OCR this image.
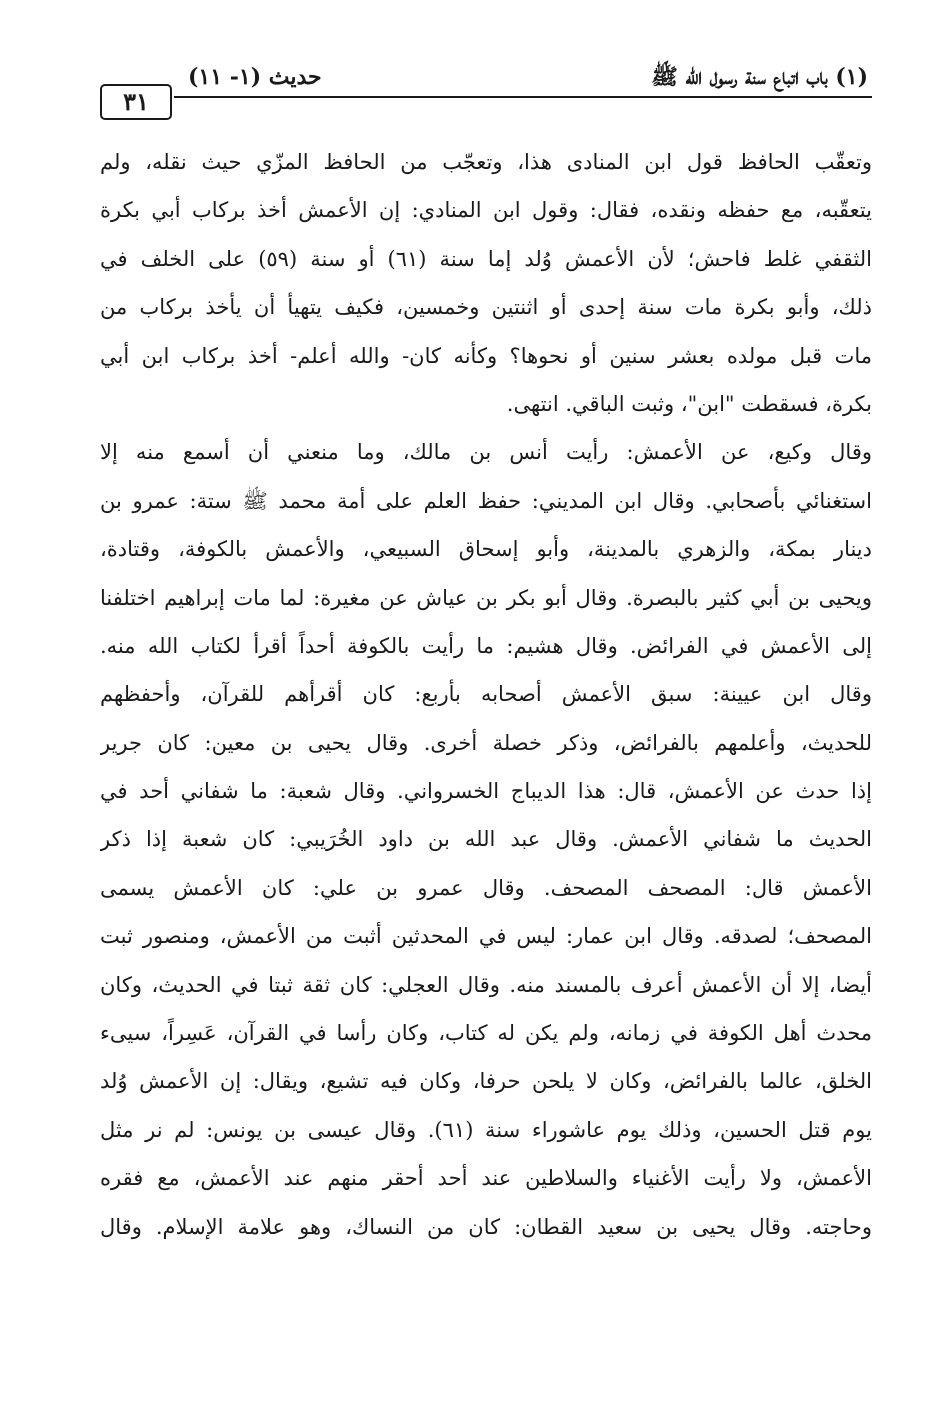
(١) باب اتباع سنة رسول الله ﷺ
حديث (١- ١١)
٣١
وتعقّب الحافظ قول ابن المنادى هذا، وتعجّب من الحافظ المزّي حيث نقله، ولم
يتعقّبه، مع حفظه ونقده، فقال: وقول ابن المنادي: إن الأعمش أخذ بركاب أبي بكرة
الثقفي غلط فاحش؛ لأن الأعمش وُلد إما سنة (٦١) أو سنة (٥٩) على الخلف في
ذلك، وأبو بكرة مات سنة إحدى أو اثنتين وخمسين، فكيف يتهيأ أن يأخذ بركاب من
مات قبل مولده بعشر سنين أو نحوها؟ وكأنه كان- والله أعلم- أخذ بركاب ابن أبي
بكرة، فسقطت "ابن"، وثبت الباقي. انتهى.
وقال وكيع، عن الأعمش: رأيت أنس بن مالك، وما منعني أن أسمع منه إلا
استغنائي بأصحابي. وقال ابن المديني: حفظ العلم على أمة محمد ﷺ ستة: عمرو بن
دينار بمكة، والزهري بالمدينة، وأبو إسحاق السبيعي، والأعمش بالكوفة، وقتادة،
ويحيى بن أبي كثير بالبصرة. وقال أبو بكر بن عياش عن مغيرة: لما مات إبراهيم اختلفنا
إلى الأعمش في الفرائض. وقال هشيم: ما رأيت بالكوفة أحداً أقرأ لكتاب الله منه.
وقال ابن عيينة: سبق الأعمش أصحابه بأربع: كان أقرأهم للقرآن، وأحفظهم
للحديث، وأعلمهم بالفرائض، وذكر خصلة أخرى. وقال يحيى بن معين: كان جرير
إذا حدث عن الأعمش، قال: هذا الديباج الخسرواني. وقال شعبة: ما شفاني أحد في
الحديث ما شفاني الأعمش. وقال عبد الله بن داود الخُرَيبي: كان شعبة إذا ذكر
الأعمش قال: المصحف المصحف. وقال عمرو بن علي: كان الأعمش يسمى
المصحف؛ لصدقه. وقال ابن عمار: ليس في المحدثين أثبت من الأعمش، ومنصور ثبت
أيضا، إلا أن الأعمش أعرف بالمسند منه. وقال العجلي: كان ثقة ثبتا في الحديث، وكان
محدث أهل الكوفة في زمانه، ولم يكن له كتاب، وكان رأسا في القرآن، عَسِراً، سيىء
الخلق، عالما بالفرائض، وكان لا يلحن حرفا، وكان فيه تشيع، ويقال: إن الأعمش وُلد
يوم قتل الحسين، وذلك يوم عاشوراء سنة (٦١). وقال عيسى بن يونس: لم نر مثل
الأعمش، ولا رأيت الأغنياء والسلاطين عند أحد أحقر منهم عند الأعمش، مع فقره
وحاجته. وقال يحيى بن سعيد القطان: كان من النساك، وهو علامة الإسلام. وقال
